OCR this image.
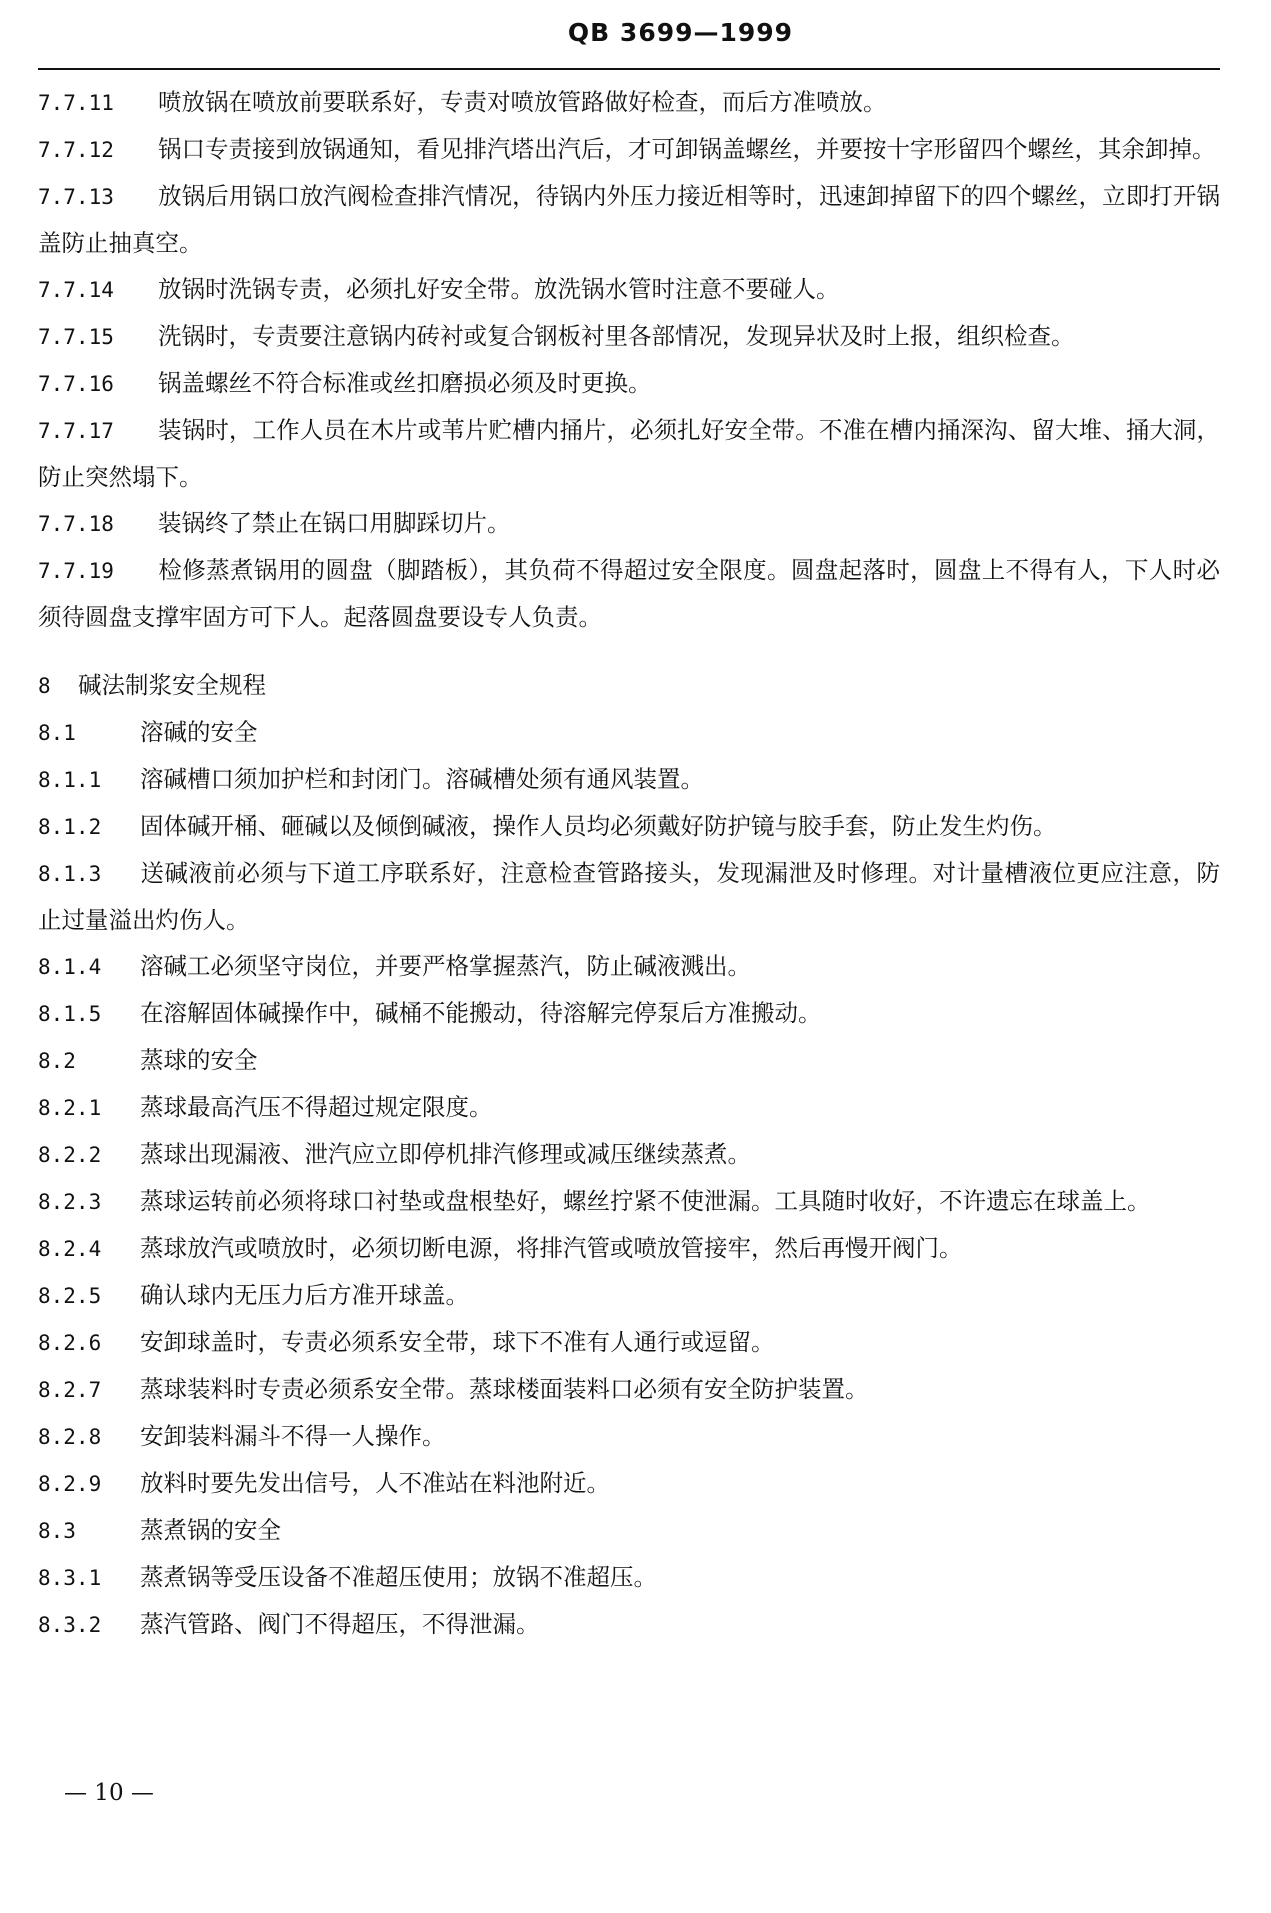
QB 3699—1999

7.7.11 喷放锅在喷放前要联系好，专责对喷放管路做好检查，而后方准喷放。

7.7.12 锅口专责接到放锅通知，看见排汽塔出汽后，才可卸锅盖螺丝，并要按十字形留四个螺丝，其余卸掉。

7.7.13 放锅后用锅口放汽阀检查排汽情况，待锅内外压力接近相等时，迅速卸掉留下的四个螺丝，立即打开锅盖防止抽真空。

7.7.14 放锅时洗锅专责，必须扎好安全带。放洗锅水管时注意不要碰人。

7.7.15 洗锅时，专责要注意锅内砖衬或复合钢板衬里各部情况，发现异状及时上报，组织检查。

7.7.16 锅盖螺丝不符合标准或丝扣磨损必须及时更换。

7.7.17 装锅时，工作人员在木片或苇片贮槽内捅片，必须扎好安全带。不准在槽内捅深沟、留大堆、捅大洞，防止突然塌下。

7.7.18 装锅终了禁止在锅口用脚踩切片。

7.7.19 检修蒸煮锅用的圆盘（脚踏板），其负荷不得超过安全限度。圆盘起落时，圆盘上不得有人，下人时必须待圆盘支撑牢固方可下人。起落圆盘要设专人负责。

8 碱法制浆安全规程

8.1	溶碱的安全

8.1.1 溶碱槽口须加护栏和封闭门。溶碱槽处须有通风装置。

8.1.2 固体碱开桶、砸碱以及倾倒碱液，操作人员均必须戴好防护镜与胶手套，防止发生灼伤。

8.1.3 送碱液前必须与下道工序联系好，注意检查管路接头，发现漏泄及时修理。对计量槽液位更应注意，防止过量溢出灼伤人。

8.1.4 溶碱工必须坚守岗位，并要严格掌握蒸汽，防止碱液溅出。

8.1.5 在溶解固体碱操作中，碱桶不能搬动，待溶解完停泵后方准搬动。

8.2	蒸球的安全

8.2.1 蒸球最高汽压不得超过规定限度。

8.2.2 蒸球出现漏液、泄汽应立即停机排汽修理或减压继续蒸煮。

8.2.3 蒸球运转前必须将球口衬垫或盘根垫好，螺丝拧紧不使泄漏。工具随时收好，不许遗忘在球盖上。

8.2.4 蒸球放汽或喷放时，必须切断电源，将排汽管或喷放管接牢，然后再慢开阀门。

8.2.5 确认球内无压力后方准开球盖。

8.2.6 安卸球盖时，专责必须系安全带，球下不准有人通行或逗留。

8.2.7 蒸球装料时专责必须系安全带。蒸球楼面装料口必须有安全防护装置。

8.2.8 安卸装料漏斗不得一人操作。

8.2.9 放料时要先发出信号，人不准站在料池附近。

8.3	蒸煮锅的安全

8.3.1 蒸煮锅等受压设备不准超压使用；放锅不准超压。

8.3.2 蒸汽管路、阀门不得超压，不得泄漏。

— 10 —
